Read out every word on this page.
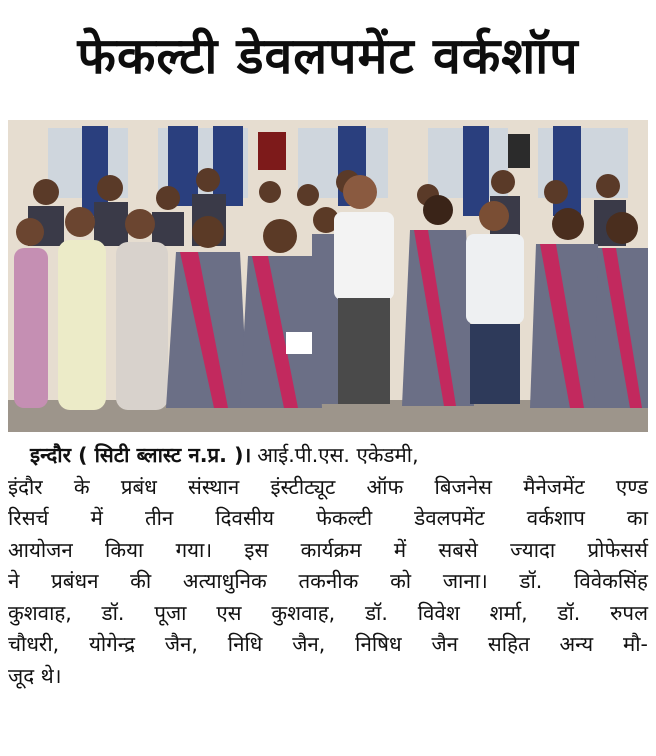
फेकल्टी डेवलपमेंट वर्कशॉप
इन्दौर ( सिटी ब्लास्ट न.प्र. )। आई.पी.एस. एकेडमी,
इंदौर के प्रबंध संस्थान इंस्टीट्यूट ऑफ बिजनेस मैनेजमेंट एण्ड
रिसर्च में तीन दिवसीय फेकल्टी डेवलपमेंट वर्कशाप का
आयोजन किया गया। इस कार्यक्रम में सबसे ज्यादा प्रोफेसर्स
ने प्रबंधन की अत्याधुनिक तकनीक को जाना। डॉ. विवेकसिंह
कुशवाह, डॉ. पूजा एस कुशवाह, डॉ. विवेश शर्मा, डॉ. रुपल
चौधरी, योगेन्द्र जैन, निधि जैन, निषिध जैन सहित अन्य मौ-
जूद थे।
